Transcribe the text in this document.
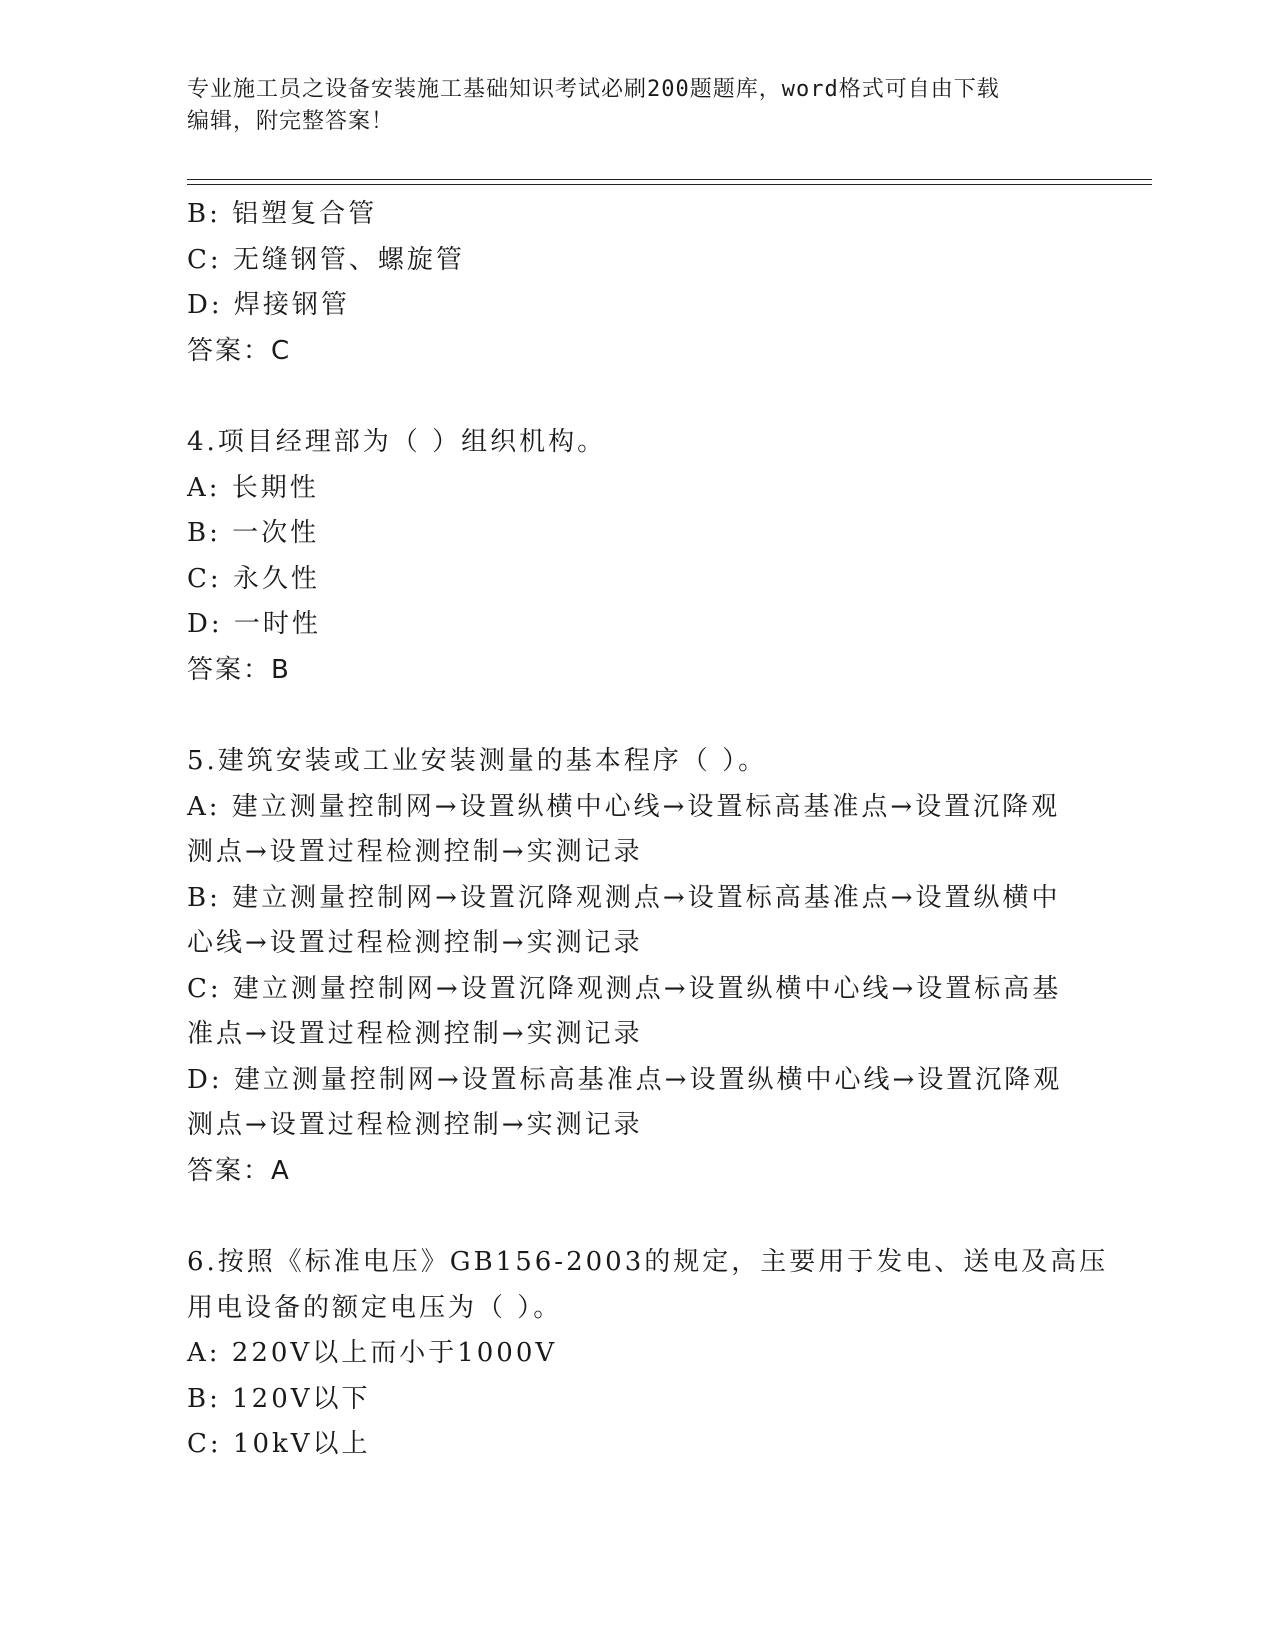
专业施工员之设备安装施工基础知识考试必刷200题题库，word格式可自由下载
编辑，附完整答案！
B: 铝塑复合管
C: 无缝钢管、螺旋管
D: 焊接钢管
答案：C
4.项目经理部为（ ）组织机构。
A: 长期性
B: 一次性
C: 永久性
D: 一时性
答案：B
5.建筑安装或工业安装测量的基本程序（ ）。
A: 建立测量控制网→设置纵横中心线→设置标高基准点→设置沉降观
测点→设置过程检测控制→实测记录
B: 建立测量控制网→设置沉降观测点→设置标高基准点→设置纵横中
心线→设置过程检测控制→实测记录
C: 建立测量控制网→设置沉降观测点→设置纵横中心线→设置标高基
准点→设置过程检测控制→实测记录
D: 建立测量控制网→设置标高基准点→设置纵横中心线→设置沉降观
测点→设置过程检测控制→实测记录
答案：A
6.按照《标准电压》GB156-2003的规定，主要用于发电、送电及高压
用电设备的额定电压为（ ）。
A: 220V以上而小于1000V
B: 120V以下
C: 10kV以上
